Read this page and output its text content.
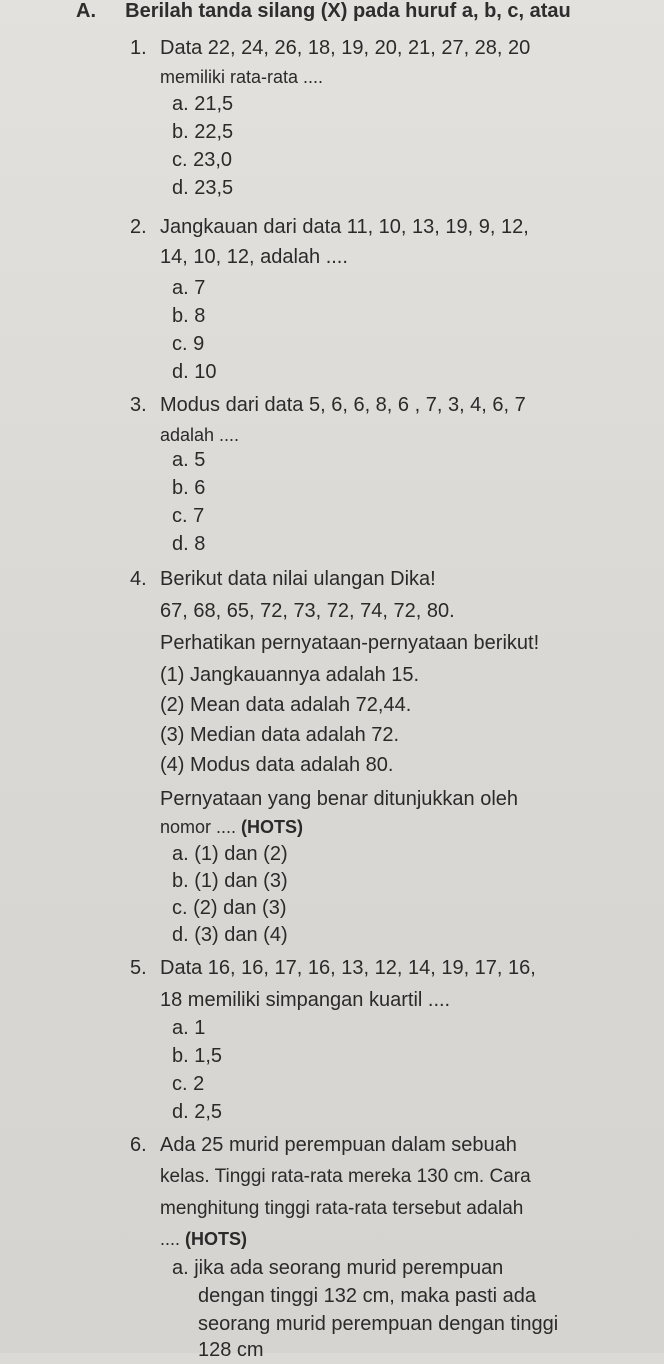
A. Berilah tanda silang (X) pada huruf a, b, c, atau
1. Data 22, 24, 26, 18, 19, 20, 21, 27, 28, 20
memiliki rata-rata ....
a. 21,5
b. 22,5
c. 23,0
d. 23,5
2. Jangkauan dari data 11, 10, 13, 19, 9, 12,
14, 10, 12, adalah ....
a. 7
b. 8
c. 9
d. 10
3. Modus dari data 5, 6, 6, 8, 6 , 7, 3, 4, 6, 7
adalah ....
a. 5
b. 6
c. 7
d. 8
4. Berikut data nilai ulangan Dika!
67, 68, 65, 72, 73, 72, 74, 72, 80.
Perhatikan pernyataan-pernyataan berikut!
(1) Jangkauannya adalah 15.
(2) Mean data adalah 72,44.
(3) Median data adalah 72.
(4) Modus data adalah 80.
Pernyataan yang benar ditunjukkan oleh
nomor .... (HOTS)
a. (1) dan (2)
b. (1) dan (3)
c. (2) dan (3)
d. (3) dan (4)
5. Data 16, 16, 17, 16, 13, 12, 14, 19, 17, 16,
18 memiliki simpangan kuartil ....
a. 1
b. 1,5
c. 2
d. 2,5
6. Ada 25 murid perempuan dalam sebuah
kelas. Tinggi rata-rata mereka 130 cm. Cara
menghitung tinggi rata-rata tersebut adalah
.... (HOTS)
a. jika ada seorang murid perempuan
dengan tinggi 132 cm, maka pasti ada
seorang murid perempuan dengan tinggi
128 cm
